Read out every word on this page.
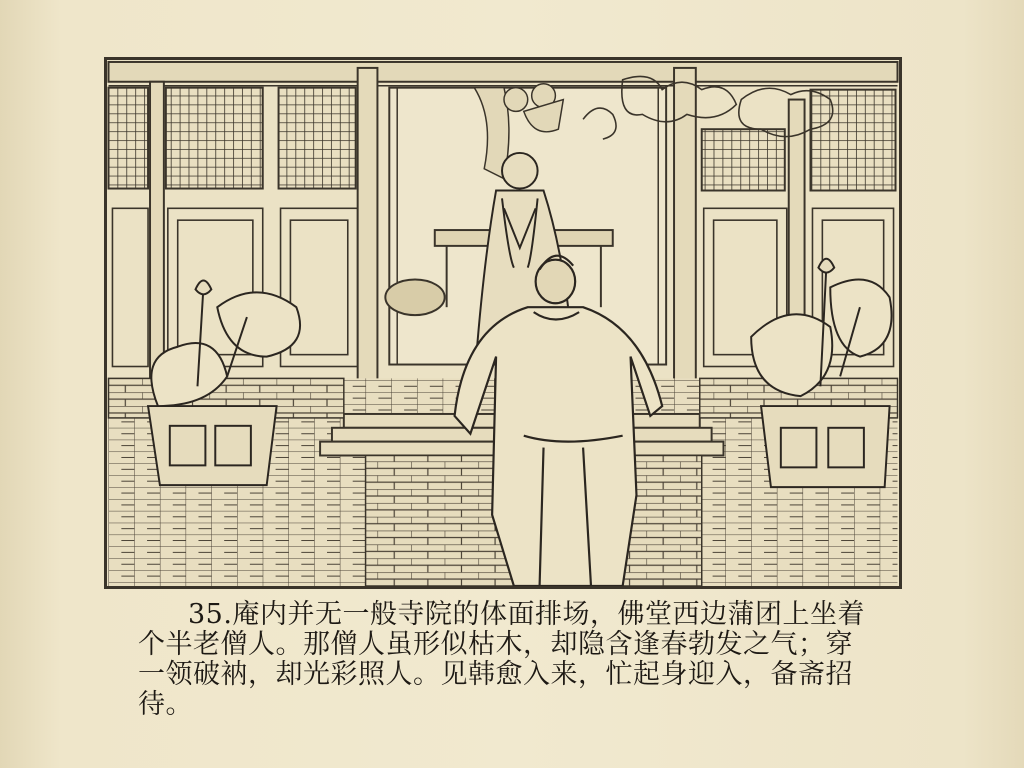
35.庵内并无一般寺院的体面排场，佛堂西边蒲团上坐着
个半老僧人。那僧人虽形似枯木，却隐含逢春勃发之气；穿
一领破衲，却光彩照人。见韩愈入来，忙起身迎入，备斋招
待。
